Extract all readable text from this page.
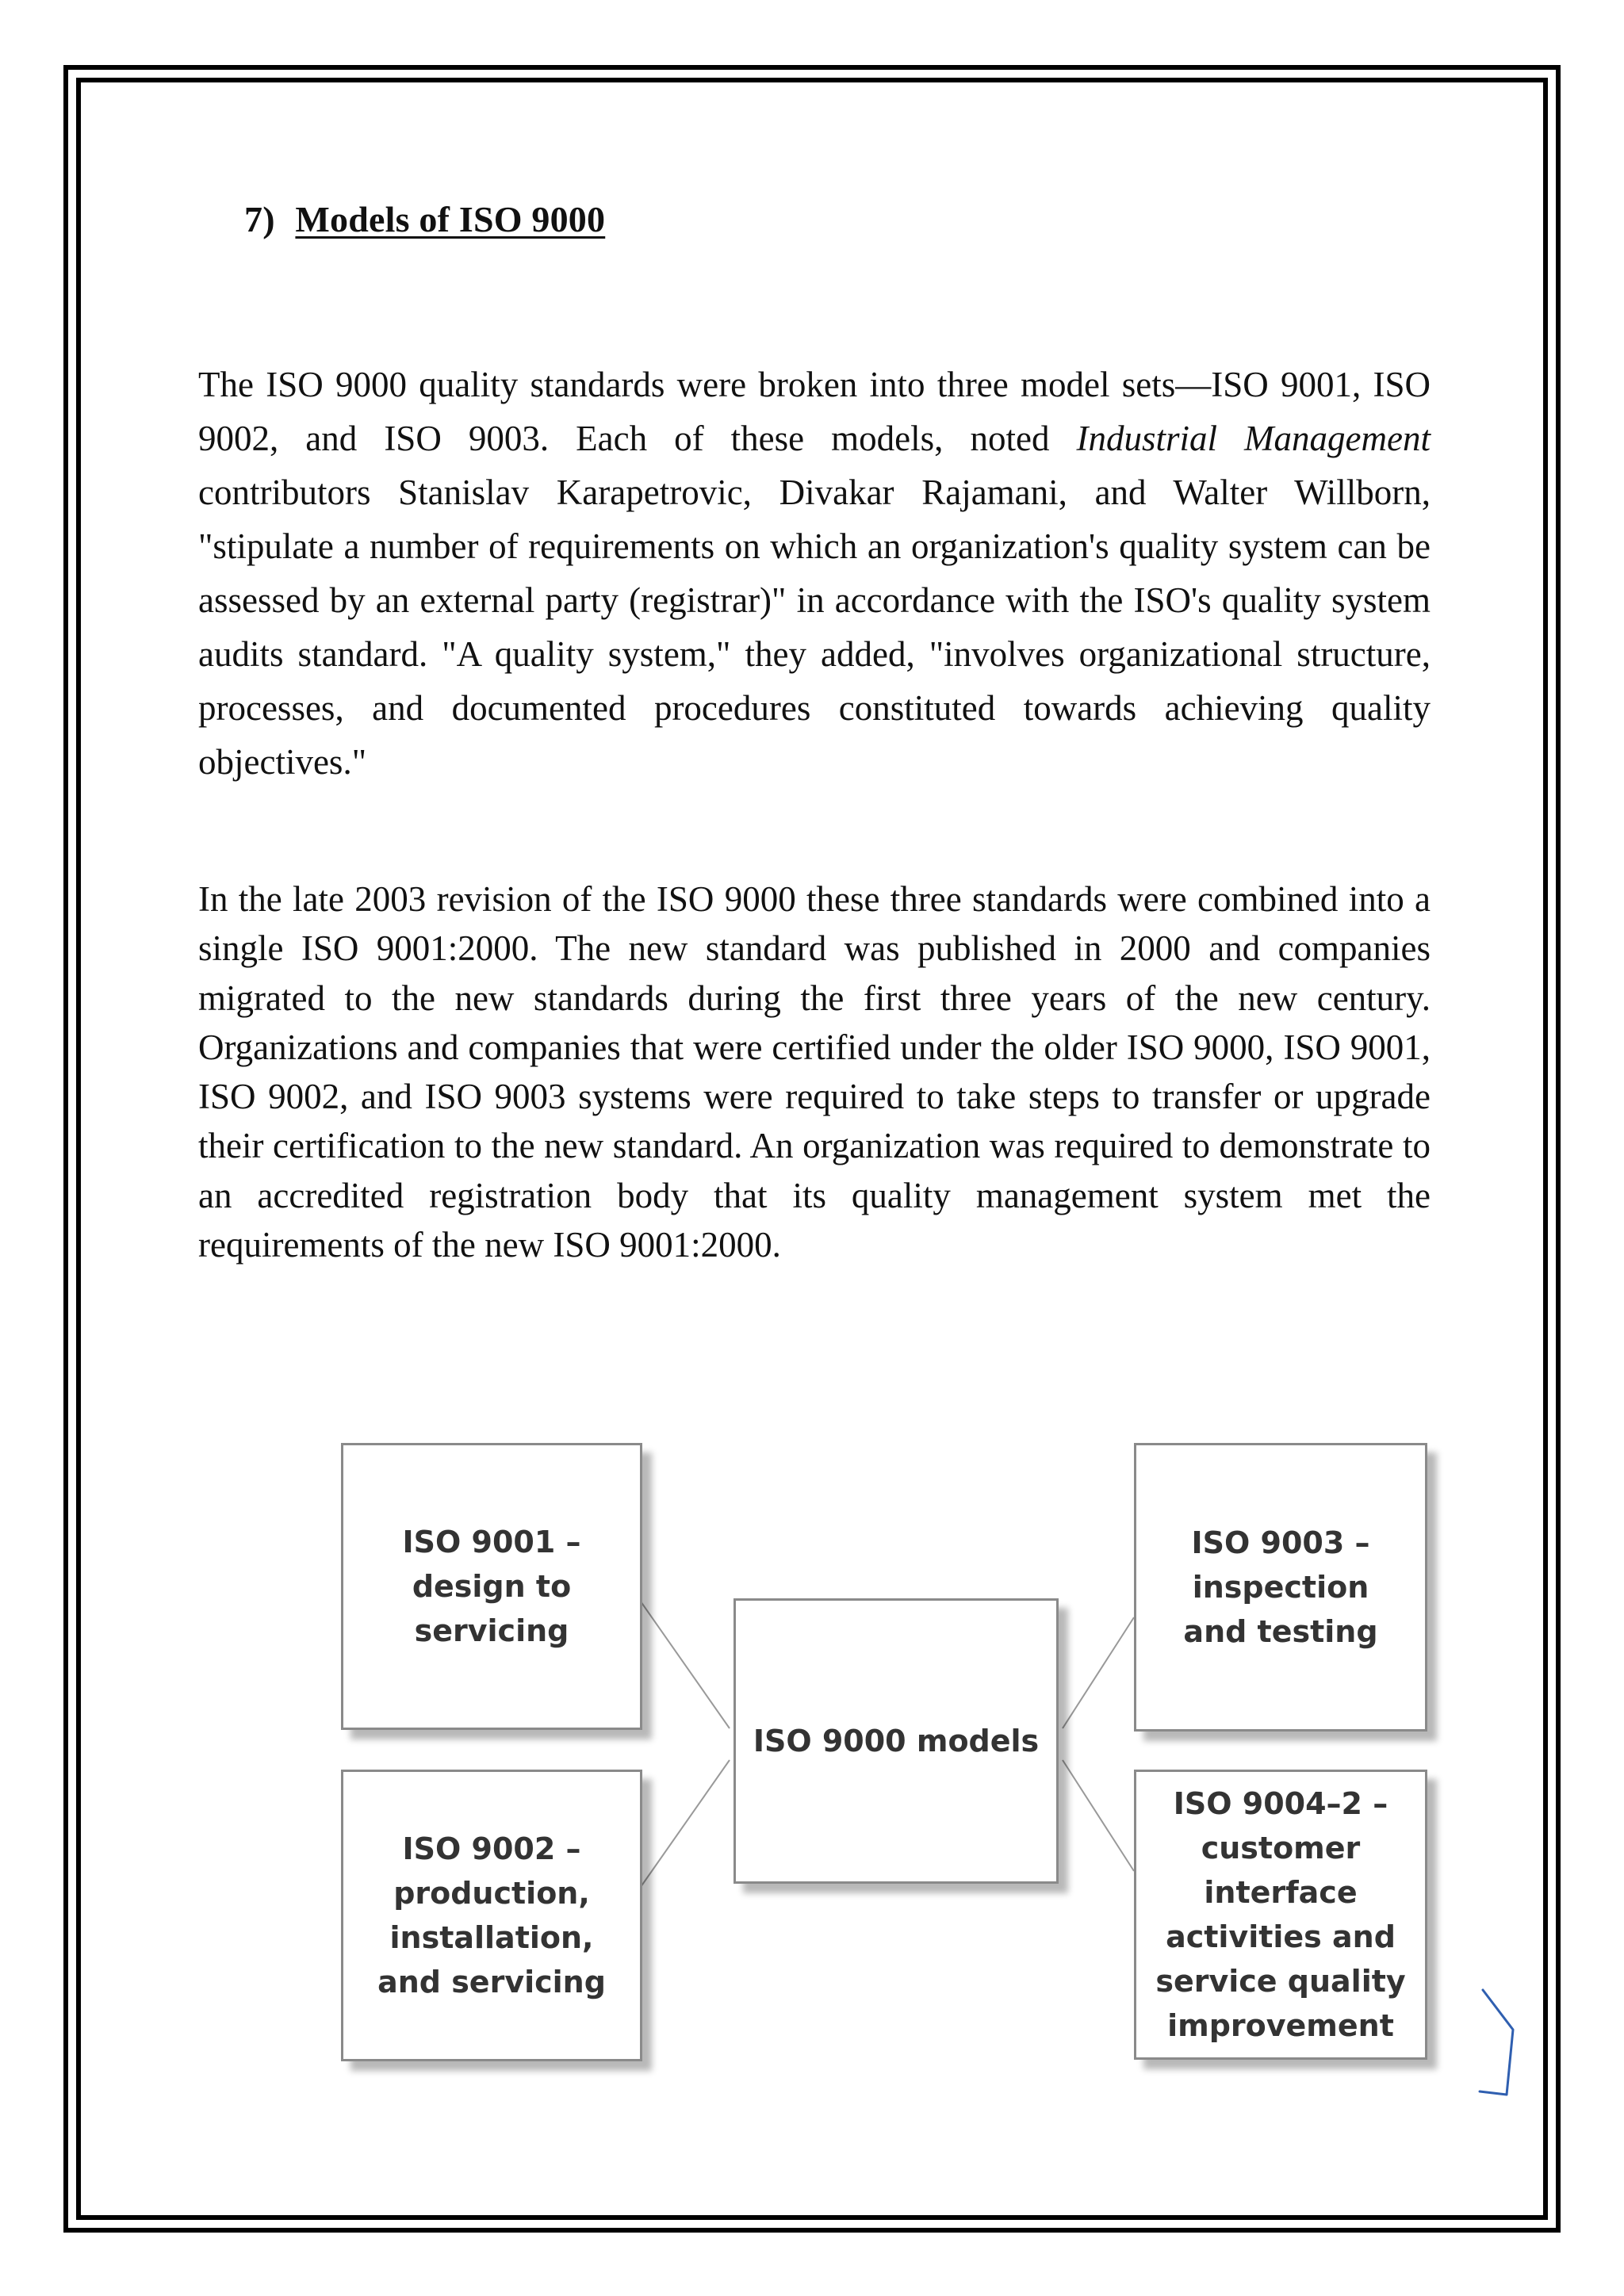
7) Models of ISO 9000
The ISO 9000 quality standards were broken into three model sets—ISO 9001, ISO 9002, and ISO 9003. Each of these models, noted Industrial Management contributors Stanislav Karapetrovic, Divakar Rajamani, and Walter Willborn, "stipulate a number of requirements on which an organization's quality system can be assessed by an external party (registrar)" in accordance with the ISO's quality system audits standard. "A quality system," they added, "involves organizational structure, processes, and documented procedures constituted towards achieving quality objectives."
In the late 2003 revision of the ISO 9000 these three standards were combined into a single ISO 9001:2000. The new standard was published in 2000 and companies migrated to the new standards during the first three years of the new century. Organizations and companies that were certified under the older ISO 9000, ISO 9001, ISO 9002, and ISO 9003 systems were required to take steps to transfer or upgrade their certification to the new standard. An organization was required to demonstrate to an accredited registration body that its quality management system met the requirements of the new ISO 9001:2000.
ISO 9001 – design to servicing
ISO 9002 – production, installation, and servicing
ISO 9000 models
ISO 9003 – inspection and testing
ISO 9004–2 – customer interface activities and service quality improvement
